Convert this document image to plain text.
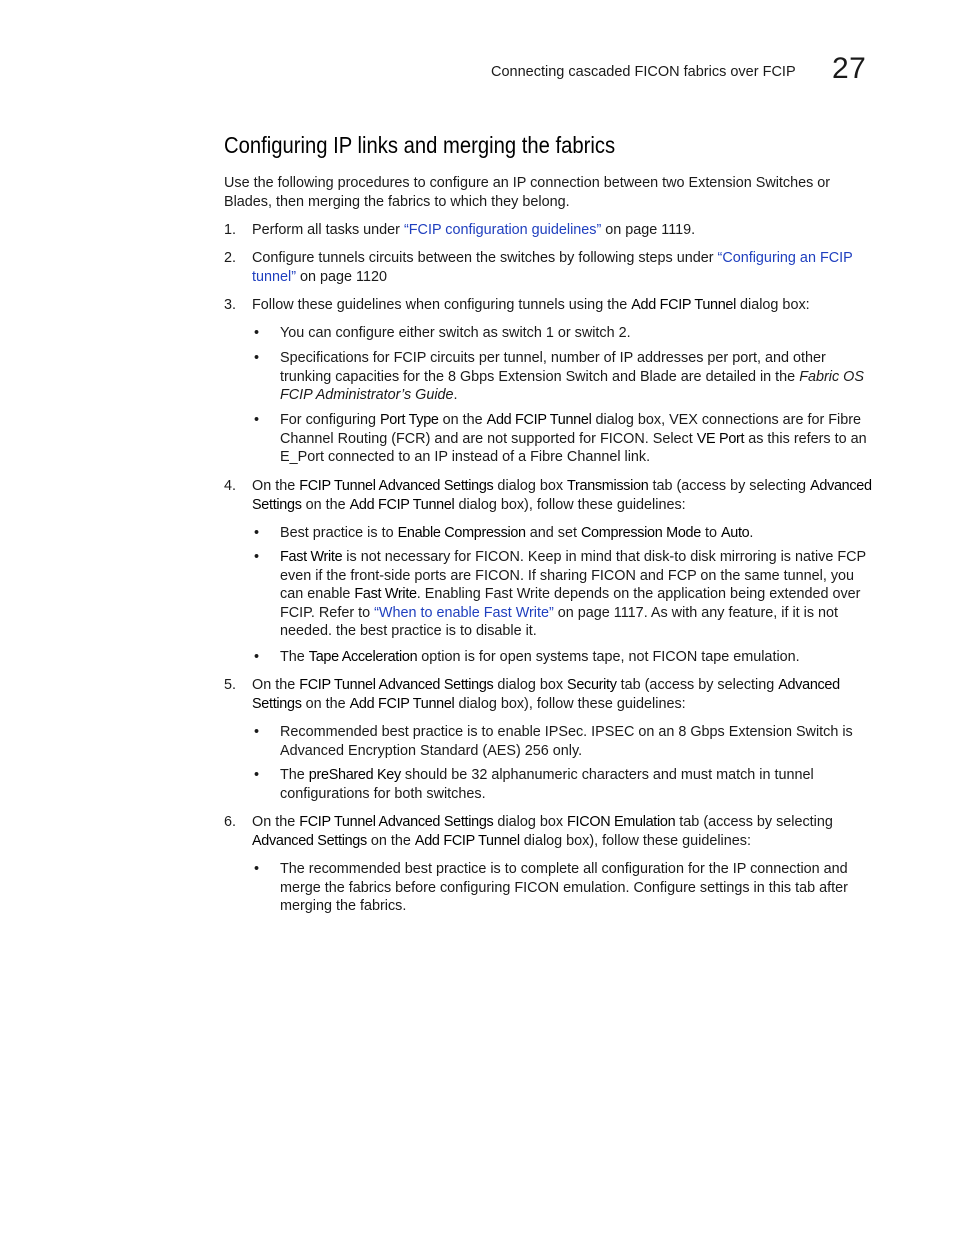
Connecting cascaded FICON fabrics over FCIP 27
Configuring IP links and merging the fabrics
Use the following procedures to configure an IP connection between two Extension Switches or
Blades, then merging the fabrics to which they belong.
1. Perform all tasks under “FCIP configuration guidelines” on page 1119.
2. Configure tunnels circuits between the switches by following steps under “Configuring an FCIP tunnel” on page 1120
3. Follow these guidelines when configuring tunnels using the Add FCIP Tunnel dialog box:
• You can configure either switch as switch 1 or switch 2.
• Specifications for FCIP circuits per tunnel, number of IP addresses per port, and other trunking capacities for the 8 Gbps Extension Switch and Blade are detailed in the Fabric OS FCIP Administrator’s Guide.
• For configuring Port Type on the Add FCIP Tunnel dialog box, VEX connections are for Fibre Channel Routing (FCR) and are not supported for FICON. Select VE Port as this refers to an E_Port connected to an IP instead of a Fibre Channel link.
4. On the FCIP Tunnel Advanced Settings dialog box Transmission tab (access by selecting Advanced Settings on the Add FCIP Tunnel dialog box), follow these guidelines:
• Best practice is to Enable Compression and set Compression Mode to Auto.
• Fast Write is not necessary for FICON. Keep in mind that disk-to disk mirroring is native FCP even if the front-side ports are FICON. If sharing FICON and FCP on the same tunnel, you can enable Fast Write. Enabling Fast Write depends on the application being extended over FCIP. Refer to “When to enable Fast Write” on page 1117. As with any feature, if it is not needed. the best practice is to disable it.
• The Tape Acceleration option is for open systems tape, not FICON tape emulation.
5. On the FCIP Tunnel Advanced Settings dialog box Security tab (access by selecting Advanced Settings on the Add FCIP Tunnel dialog box), follow these guidelines:
• Recommended best practice is to enable IPSec. IPSEC on an 8 Gbps Extension Switch is Advanced Encryption Standard (AES) 256 only.
• The preShared Key should be 32 alphanumeric characters and must match in tunnel configurations for both switches.
6. On the FCIP Tunnel Advanced Settings dialog box FICON Emulation tab (access by selecting Advanced Settings on the Add FCIP Tunnel dialog box), follow these guidelines:
• The recommended best practice is to complete all configuration for the IP connection and merge the fabrics before configuring FICON emulation. Configure settings in this tab after merging the fabrics.
